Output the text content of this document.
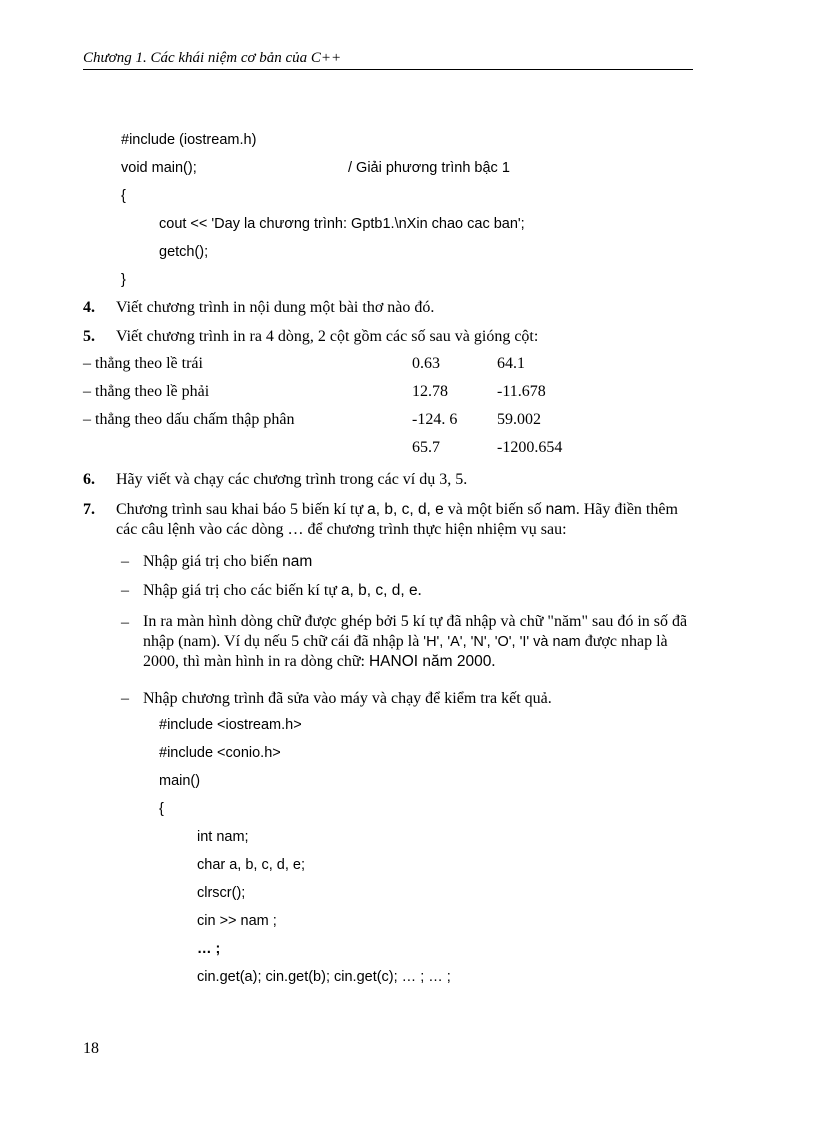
Chương 1. Các khái niệm cơ bản của C++
#include (iostream.h)
void main();	/ Giải phương trình bậc 1
{
cout << 'Day la chương trình: Gptb1.\nXin chao cac ban';
getch();
}
4. Viết chương trình in nội dung một bài thơ nào đó.
5. Viết chương trình in ra 4 dòng, 2 cột gồm các số sau và gióng cột:
– thẳng theo lề trái
– thẳng theo lề phải
– thẳng theo dấu chấm thập phân
0.63
12.78
-124. 6
65.7
64.1
-11.678
59.002
-1200.654
6. Hãy viết và chạy các chương trình trong các ví dụ 3, 5.
7. Chương trình sau khai báo 5 biến kí tự a, b, c, d, e và một biến số nam. Hãy điền thêm các câu lệnh vào các dòng … để chương trình thực hiện nhiệm vụ sau:
– Nhập giá trị cho biến nam
– Nhập giá trị cho các biến kí tự a, b, c, d, e.
– In ra màn hình dòng chữ được ghép bởi 5 kí tự đã nhập và chữ "năm" sau đó in số đã nhập (nam). Ví dụ nếu 5 chữ cái đã nhập là 'H', 'A', 'N', 'O', 'I' và nam được nhap là 2000, thì màn hình in ra dòng chữ: HANOI năm 2000.
– Nhập chương trình đã sửa vào máy và chạy để kiểm tra kết quả.
#include <iostream.h>
#include <conio.h>
main()
{
int nam;
char a, b, c, d, e;
clrscr();
cin >> nam ;
… ;
cin.get(a); cin.get(b); cin.get(c); … ; … ;
18
